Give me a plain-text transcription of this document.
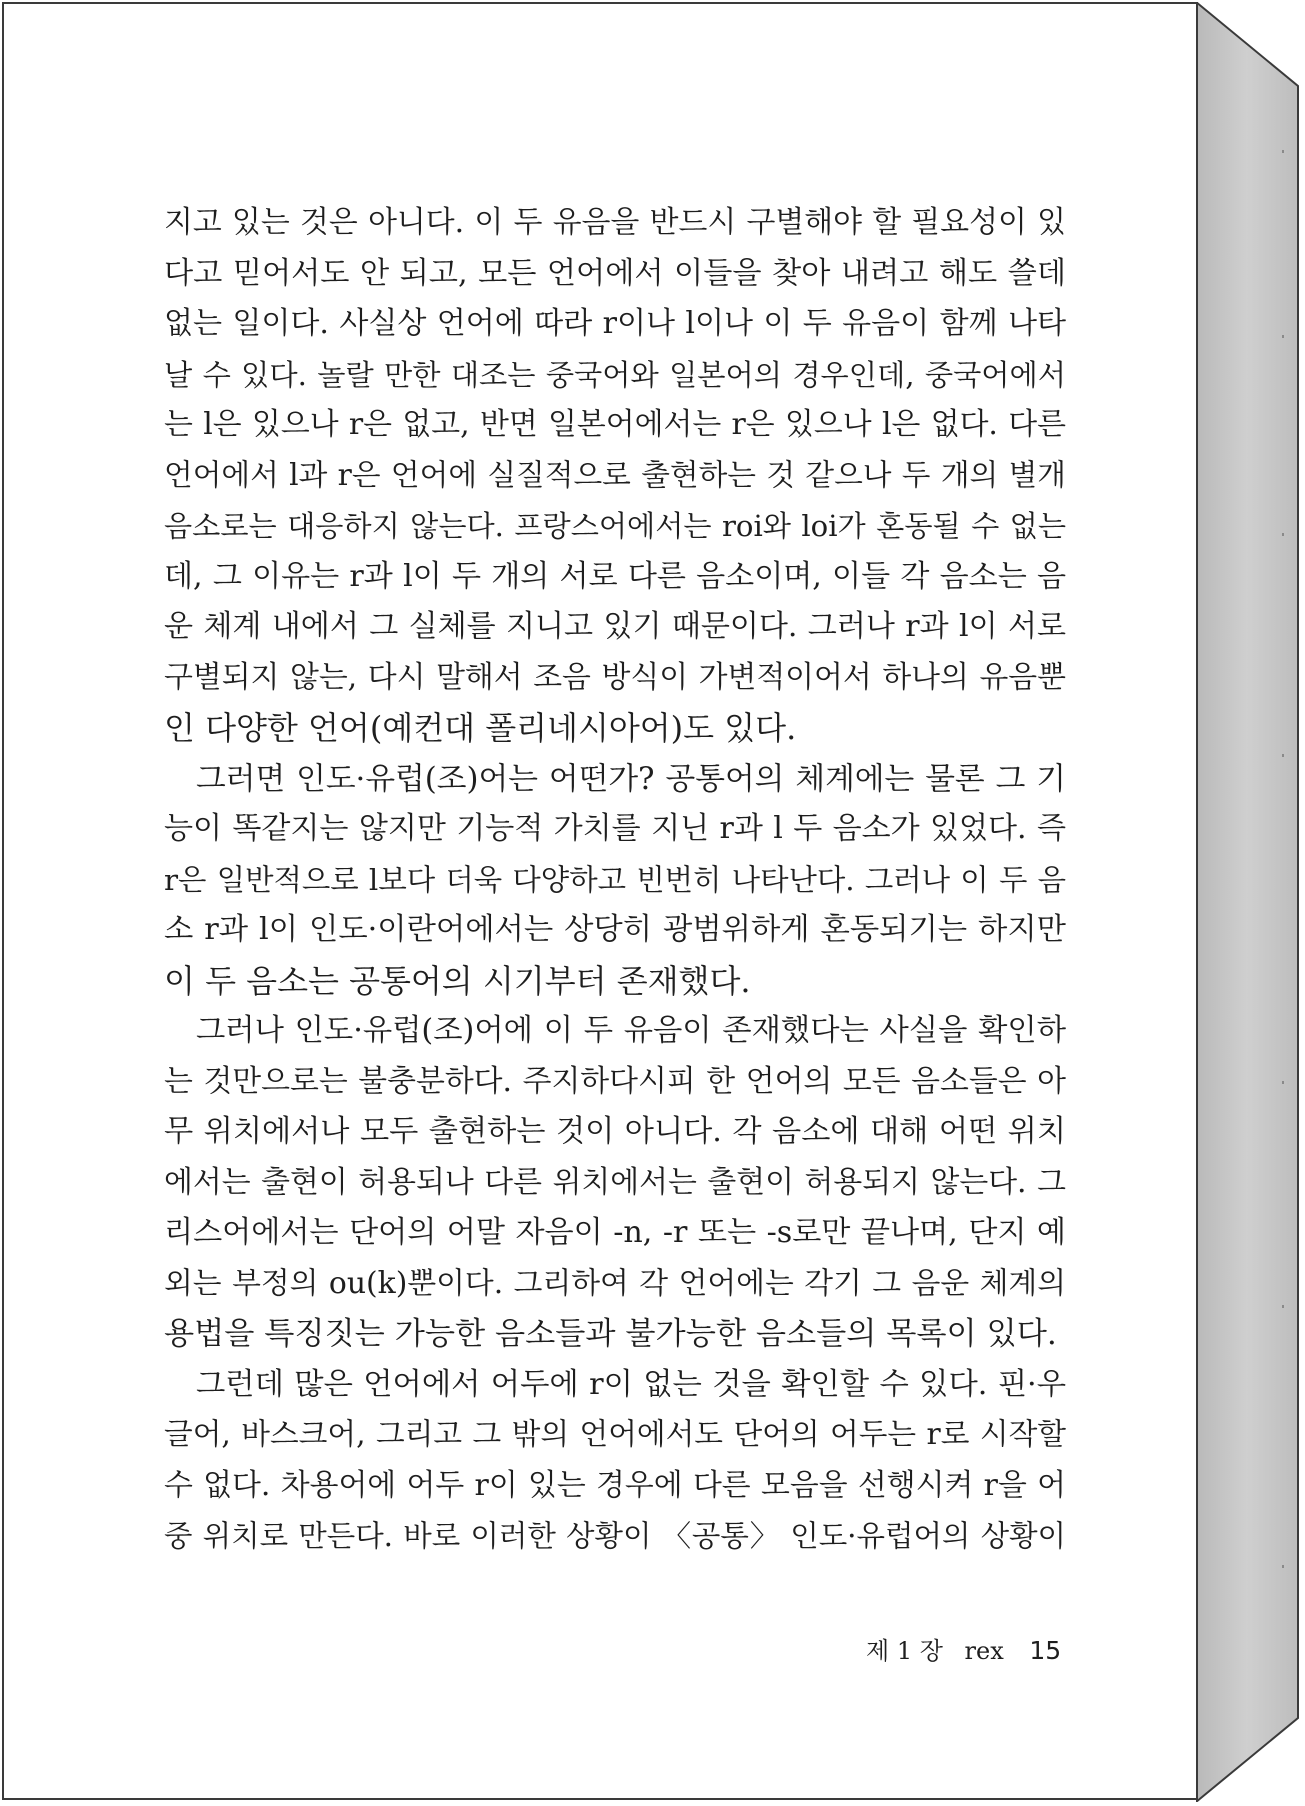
지고 있는 것은 아니다. 이 두 유음을 반드시 구별해야 할 필요성이 있
다고 믿어서도 안 되고, 모든 언어에서 이들을 찾아 내려고 해도 쓸데
없는 일이다. 사실상 언어에 따라 r이나 l이나 이 두 유음이 함께 나타
날 수 있다. 놀랄 만한 대조는 중국어와 일본어의 경우인데, 중국어에서
는 l은 있으나 r은 없고, 반면 일본어에서는 r은 있으나 l은 없다. 다른
언어에서 l과 r은 언어에 실질적으로 출현하는 것 같으나 두 개의 별개
음소로는 대응하지 않는다. 프랑스어에서는 roi와 loi가 혼동될 수 없는
데, 그 이유는 r과 l이 두 개의 서로 다른 음소이며, 이들 각 음소는 음
운 체계 내에서 그 실체를 지니고 있기 때문이다. 그러나 r과 l이 서로
구별되지 않는, 다시 말해서 조음 방식이 가변적이어서 하나의 유음뿐
인 다양한 언어(예컨대 폴리네시아어)도 있다.

그러면 인도·유럽(조)어는 어떤가? 공통어의 체계에는 물론 그 기
능이 똑같지는 않지만 기능적 가치를 지닌 r과 l 두 음소가 있었다. 즉
r은 일반적으로 l보다 더욱 다양하고 빈번히 나타난다. 그러나 이 두 음
소 r과 l이 인도·이란어에서는 상당히 광범위하게 혼동되기는 하지만
이 두 음소는 공통어의 시기부터 존재했다.

그러나 인도·유럽(조)어에 이 두 유음이 존재했다는 사실을 확인하
는 것만으로는 불충분하다. 주지하다시피 한 언어의 모든 음소들은 아
무 위치에서나 모두 출현하는 것이 아니다. 각 음소에 대해 어떤 위치
에서는 출현이 허용되나 다른 위치에서는 출현이 허용되지 않는다. 그
리스어에서는 단어의 어말 자음이 -n, -r 또는 -s로만 끝나며, 단지 예
외는 부정의 ou(k)뿐이다. 그리하여 각 언어에는 각기 그 음운 체계의
용법을 특징짓는 가능한 음소들과 불가능한 음소들의 목록이 있다.

그런데 많은 언어에서 어두에 r이 없는 것을 확인할 수 있다. 핀·우
글어, 바스크어, 그리고 그 밖의 언어에서도 단어의 어두는 r로 시작할
수 없다. 차용어에 어두 r이 있는 경우에 다른 모음을 선행시켜 r을 어
중 위치로 만든다. 바로 이러한 상황이 〈공통〉 인도·유럽어의 상황이

제 1 장 rex 15
